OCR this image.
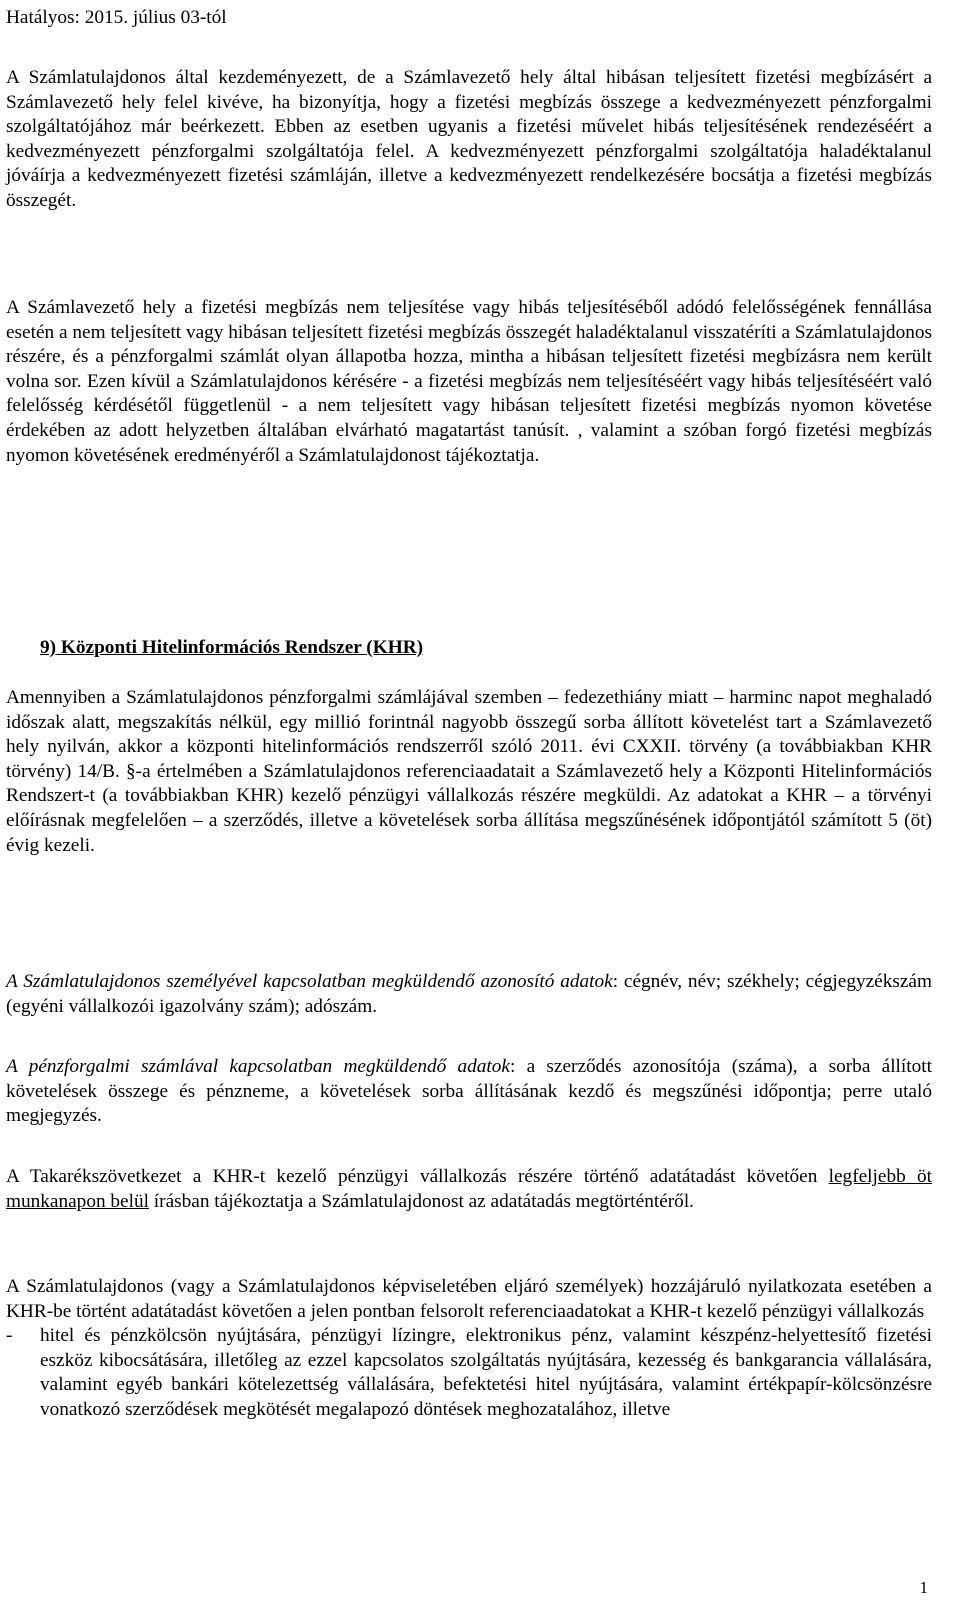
Hatályos: 2015. július 03-tól

A Számlatulajdonos által kezdeményezett, de a Számlavezető hely által hibásan teljesített fizetési megbízásért a Számlavezető hely felel kivéve, ha bizonyítja, hogy a fizetési megbízás összege a kedvezményezett pénzforgalmi szolgáltatójához már beérkezett. Ebben az esetben ugyanis a fizetési művelet hibás teljesítésének rendezéséért a kedvezményezett pénzforgalmi szolgáltatója felel. A kedvezményezett pénzforgalmi szolgáltatója haladéktalanul jóváírja a kedvezményezett fizetési számláján, illetve a kedvezményezett rendelkezésére bocsátja a fizetési megbízás összegét.

A Számlavezető hely a fizetési megbízás nem teljesítése vagy hibás teljesítéséből adódó felelősségének fennállása esetén a nem teljesített vagy hibásan teljesített fizetési megbízás összegét haladéktalanul visszatéríti a Számlatulajdonos részére, és a pénzforgalmi számlát olyan állapotba hozza, mintha a hibásan teljesített fizetési megbízásra nem került volna sor. Ezen kívül a Számlatulajdonos kérésére - a fizetési megbízás nem teljesítéséért vagy hibás teljesítéséért való felelősség kérdésétől függetlenül - a nem teljesített vagy hibásan teljesített fizetési megbízás nyomon követése érdekében az adott helyzetben általában elvárható magatartást tanúsít. , valamint a szóban forgó fizetési megbízás nyomon követésének eredményéről a Számlatulajdonost tájékoztatja.

9) Központi Hitelinformációs Rendszer (KHR)

Amennyiben a Számlatulajdonos pénzforgalmi számlájával szemben – fedezethiány miatt – harminc napot meghaladó időszak alatt, megszakítás nélkül, egy millió forintnál nagyobb összegű sorba állított követelést tart a Számlavezető hely nyilván, akkor a központi hitelinformációs rendszerről szóló 2011. évi CXXII. törvény (a továbbiakban KHR törvény) 14/B. §-a értelmében a Számlatulajdonos referenciaadatait a Számlavezető hely a Központi Hitelinformációs Rendszert-t (a továbbiakban KHR) kezelő pénzügyi vállalkozás részére megküldi. Az adatokat a KHR – a törvényi előírásnak megfelelően – a szerződés, illetve a követelések sorba állítása megszűnésének időpontjától számított 5 (öt) évig kezeli.

A Számlatulajdonos személyével kapcsolatban megküldendő azonosító adatok: cégnév, név; székhely; cégjegyzékszám (egyéni vállalkozói igazolvány szám); adószám.

A pénzforgalmi számlával kapcsolatban megküldendő adatok: a szerződés azonosítója (száma), a sorba állított követelések összege és pénzneme, a követelések sorba állításának kezdő és megszűnési időpontja; perre utaló megjegyzés.

A Takarékszövetkezet a KHR-t kezelő pénzügyi vállalkozás részére történő adatátadást követően legfeljebb öt munkanapon belül írásban tájékoztatja a Számlatulajdonost az adatátadás megtörténtéről.

A Számlatulajdonos (vagy a Számlatulajdonos képviseletében eljáró személyek) hozzájáruló nyilatkozata esetében a KHR-be történt adatátadást követően a jelen pontban felsorolt referenciaadatokat a KHR-t kezelő pénzügyi vállalkozás

-	hitel és pénzkölcsön nyújtására, pénzügyi lízingre, elektronikus pénz, valamint készpénz-helyettesítő fizetési eszköz kibocsátására, illetőleg az ezzel kapcsolatos szolgáltatás nyújtására, kezesség és bankgarancia vállalására, valamint egyéb bankári kötelezettség vállalására, befektetési hitel nyújtására, valamint értékpapír-kölcsönzésre vonatkozó szerződések megkötését megalapozó döntések meghozatalához, illetve
1
